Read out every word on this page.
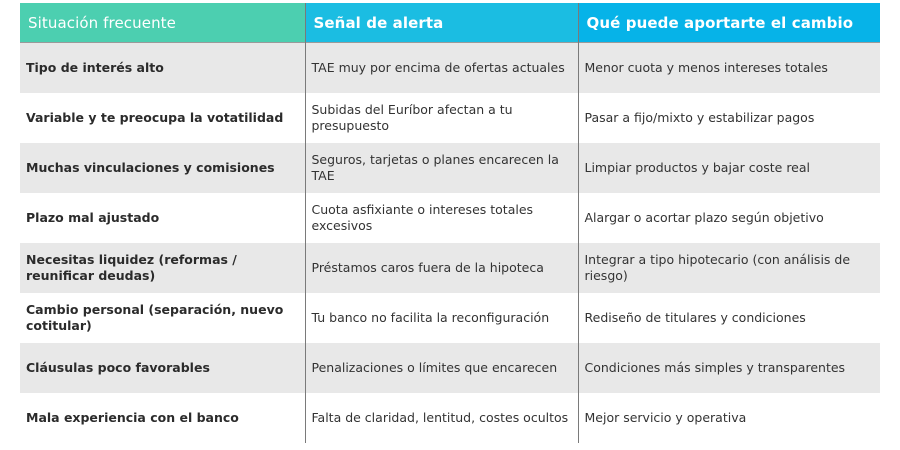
Situación frecuente	Señal de alerta	Qué puede aportarte el cambio
Tipo de interés alto	TAE muy por encima de ofertas actuales	Menor cuota y menos intereses totales
Variable y te preocupa la votatilidad	Subidas del Euríbor afectan a tu presupuesto	Pasar a fijo/mixto y estabilizar pagos
Muchas vinculaciones y comisiones	Seguros, tarjetas o planes encarecen la TAE	Limpiar productos y bajar coste real
Plazo mal ajustado	Cuota asfixiante o intereses totales excesivos	Alargar o acortar plazo según objetivo
Necesitas liquidez (reformas / reunificar deudas)	Préstamos caros fuera de la hipoteca	Integrar a tipo hipotecario (con análisis de riesgo)
Cambio personal (separación, nuevo cotitular)	Tu banco no facilita la reconfiguración	Rediseño de titulares y condiciones
Cláusulas poco favorables	Penalizaciones o límites que encarecen	Condiciones más simples y transparentes
Mala experiencia con el banco	Falta de claridad, lentitud, costes ocultos	Mejor servicio y operativa
